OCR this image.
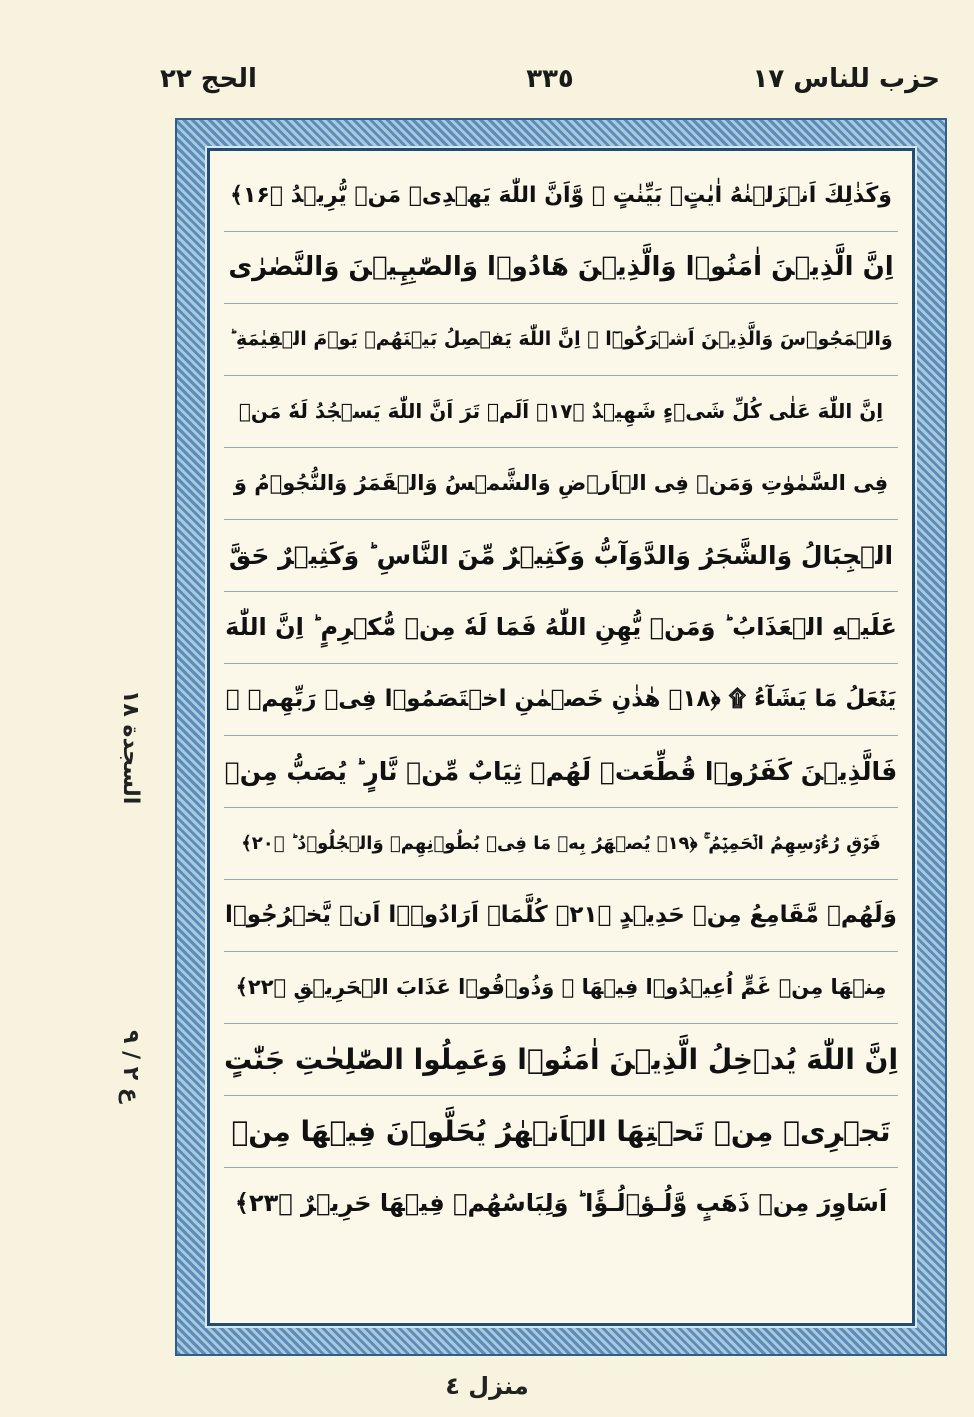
حزب للناس ١٧
٣٣٥
الحج ٢٢
السجدة ١٨
ع ٢ / ٩
وَكَذٰلِكَ اَنۡزَلۡنٰهُ اٰيٰتٍۢ بَيِّنٰتٍ ۙ وَّاَنَّ اللّٰهَ يَهۡدِىۡ مَنۡ يُّرِيۡدُ ﴿۱۶﴾
اِنَّ الَّذِيۡنَ اٰمَنُوۡا وَالَّذِيۡنَ هَادُوۡا وَالصّٰبِـِٕيۡنَ وَالنَّصٰرٰى
وَالۡمَجُوۡسَ وَالَّذِيۡنَ اَشۡرَكُوۡٓا ۖ اِنَّ اللّٰهَ يَفۡصِلُ بَيۡنَهُمۡ يَوۡمَ الۡقِيٰمَةِ ؕ
اِنَّ اللّٰهَ عَلٰى كُلِّ شَىۡءٍ شَهِيۡدٌ ﴿۱۷﴾ اَلَمۡ تَرَ اَنَّ اللّٰهَ يَسۡجُدُ لَهٗ مَنۡ
فِى السَّمٰوٰتِ وَمَنۡ فِى الۡاَرۡضِ وَالشَّمۡسُ وَالۡقَمَرُ وَالنُّجُوۡمُ وَ
الۡجِبَالُ وَالشَّجَرُ وَالدَّوَآبُّ وَكَثِيۡرٌ مِّنَ النَّاسِ ؕ وَكَثِيۡرٌ حَقَّ
عَلَيۡهِ الۡعَذَابُ ؕ وَمَنۡ يُّهِنِ اللّٰهُ فَمَا لَهٗ مِنۡ مُّكۡرِمٍ ؕ اِنَّ اللّٰهَ
يَفۡعَلُ مَا يَشَآءُ ۩ ﴿۱۸﴾ هٰذٰنِ خَصۡمٰنِ اخۡتَصَمُوۡا فِىۡ رَبِّهِمۡ ۚ
فَالَّذِيۡنَ كَفَرُوۡا قُطِّعَتۡ لَهُمۡ ثِيَابٌ مِّنۡ نَّارٍ ؕ يُصَبُّ مِنۡ
فَوۡقِ رُءُوۡسِهِمُ الۡحَمِيۡمُ ۚ ﴿۱۹﴾ يُصۡهَرُ بِهٖ مَا فِىۡ بُطُوۡنِهِمۡ وَالۡجُلُوۡدُ ؕ ﴿۲۰﴾
وَلَهُمۡ مَّقَامِعُ مِنۡ حَدِيۡدٍ ﴿۲۱﴾ كُلَّمَاۤ اَرَادُوۡۤا اَنۡ يَّخۡرُجُوۡا
مِنۡهَا مِنۡ غَمٍّ اُعِيۡدُوۡا فِيۡهَا ۖ وَذُوۡقُوۡا عَذَابَ الۡحَرِيۡقِ ﴿۲۲﴾
اِنَّ اللّٰهَ يُدۡخِلُ الَّذِيۡنَ اٰمَنُوۡا وَعَمِلُوا الصّٰلِحٰتِ جَنّٰتٍ
تَجۡرِىۡ مِنۡ تَحۡتِهَا الۡاَنۡهٰرُ يُحَلَّوۡنَ فِيۡهَا مِنۡ
اَسَاوِرَ مِنۡ ذَهَبٍ وَّلُـؤۡلُـؤًا ؕ وَلِبَاسُهُمۡ فِيۡهَا حَرِيۡرٌ ﴿۲۳﴾
منزل ٤
